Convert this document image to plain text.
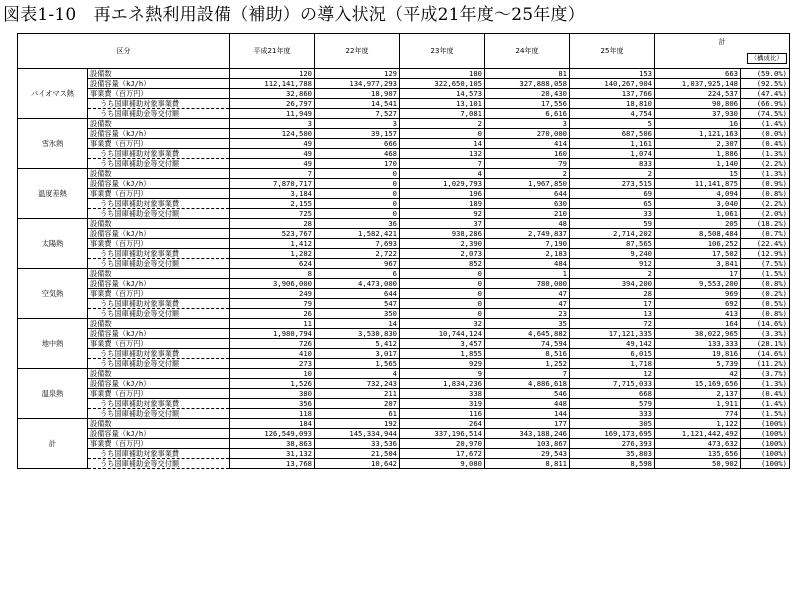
図表1-10　再エネ熱利用設備（補助）の導入状況（平成21年度～25年度）
区分		平成21年度	22年度	23年度	24年度	25年度	計
（構成比）	

バイオマス熱	設備数	120	129	180	81	153	663	(59.0%)
	設備容量（kJ/h）	112,141,788	134,977,293	322,650,105	327,888,058	140,267,904	1,037,925,148	(92.5%)
	事業費（百万円）	32,860	18,907	14,573	20,430	137,766	224,537	(47.4%)
	うち国庫補助対象事業費	26,797	14,541	13,101	17,556	18,810	90,806	(66.9%)
	うち国庫補助金等交付額	11,949	7,527	7,081	6,616	4,754	37,930	(74.5%)
雪氷熱	設備数	3	3	2	3	5	16	(1.4%)
	設備容量（kJ/h）	124,500	39,157	0	270,000	687,506	1,121,163	(0.0%)
	事業費（百万円）	49	666	14	414	1,161	2,307	(0.4%)
	うち国庫補助対象事業費	49	468	132	160	1,074	1,886	(1.3%)
	うち国庫補助金等交付額	49	170	7	79	833	1,140	(2.2%)
温度差熱	設備数	7	0	4	2	2	15	(1.3%)
	設備容量（kJ/h）	7,870,717	0	1,029,793	1,967,850	273,515	11,141,875	(0.9%)
	事業費（百万円）	3,184	0	196	644	69	4,094	(0.8%)
	うち国庫補助対象事業費	2,155	0	189	630	65	3,040	(2.2%)
	うち国庫補助金等交付額	725	0	92	210	33	1,061	(2.0%)
太陽熱	設備数	28	36	37	48	59	205	(18.2%)
	設備容量（kJ/h）	523,767	1,582,421	938,286	2,749,837	2,714,202	8,508,484	(0.7%)
	事業費（百万円）	1,412	7,693	2,390	7,190	87,565	106,252	(22.4%)
	うち国庫補助対象事業費	1,282	2,722	2,073	2,183	9,240	17,502	(12.9%)
	うち国庫補助金等交付額	624	967	852	484	912	3,841	(7.5%)
空気熱	設備数	8	6	0	1	2	17	(1.5%)
	設備容量（kJ/h）	3,906,000	4,473,000	0	780,000	394,200	9,553,200	(0.8%)
	事業費（百万円）	249	644	0	47	28	969	(0.2%)
	うち国庫補助対象事業費	79	547	0	47	17	692	(0.5%)
	うち国庫補助金等交付額	26	350	0	23	13	413	(0.8%)
地中熱	設備数	11	14	32	35	72	164	(14.6%)
	設備容量（kJ/h）	1,980,794	3,530,830	10,744,124	4,645,882	17,121,335	38,022,965	(3.3%)
	事業費（百万円）	726	5,412	3,457	74,594	49,142	133,333	(28.1%)
	うち国庫補助対象事業費	410	3,017	1,855	8,516	6,015	19,816	(14.6%)
	うち国庫補助金等交付額	273	1,565	929	1,252	1,718	5,739	(11.2%)
温泉熱	設備数	10	4	9	7	12	42	(3.7%)
	設備容量（kJ/h）	1,526	732,243	1,834,236	4,886,618	7,715,033	15,169,656	(1.3%)
	事業費（百万円）	380	211	338	546	668	2,137	(0.4%)
	うち国庫補助対象事業費	356	207	319	448	579	1,911	(1.4%)
	うち国庫補助金等交付額	118	61	116	144	333	774	(1.5%)
計	設備数	184	192	264	177	305	1,122	(100%)
	設備容量（kJ/h）	126,549,093	145,334,944	337,196,514	343,188,246	169,173,695	1,121,442,492	(100%)
	事業費（百万円）	38,863	33,536	20,970	103,867	276,393	473,632	(100%)
	うち国庫補助対象事業費	31,132	21,504	17,672	29,543	35,803	135,656	(100%)
	うち国庫補助金等交付額	13,768	10,642	9,080	8,811	8,598	50,902	(100%)
